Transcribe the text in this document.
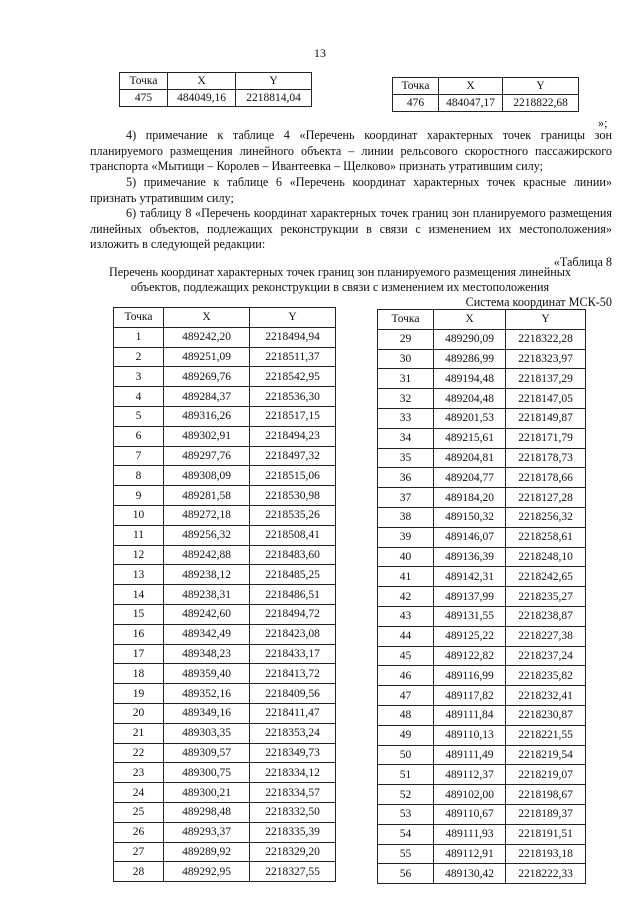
13
Точка	X	Y
475	484049,16	2218814,04
Точка	X	Y
476	484047,17	2218822,68
»;
4) примечание к таблице 4 «Перечень координат характерных точек границы зон планируемого размещения линейного объекта – линии рельсового скоростного пассажирского транспорта «Мытищи – Королев – Ивантеевка – Щелково» признать утратившим силу;
5) примечание к таблице 6 «Перечень координат характерных точек красные линии» признать утратившим силу;
6) таблицу 8 «Перечень координат характерных точек границ зон планируемого размещения линейных объектов, подлежащих реконструкции в связи с изменением их местоположения» изложить в следующей редакции:
«Таблица 8
Перечень координат характерных точек границ зон планируемого размещения линейных
объектов, подлежащих реконструкции в связи с изменением их местоположения
Система координат МСК-50
Точка	X	Y
1	489242,20	2218494,94
2	489251,09	2218511,37
3	489269,76	2218542,95
4	489284,37	2218536,30
5	489316,26	2218517,15
6	489302,91	2218494,23
7	489297,76	2218497,32
8	489308,09	2218515,06
9	489281,58	2218530,98
10	489272,18	2218535,26
11	489256,32	2218508,41
12	489242,88	2218483,60
13	489238,12	2218485,25
14	489238,31	2218486,51
15	489242,60	2218494,72
16	489342,49	2218423,08
17	489348,23	2218433,17
18	489359,40	2218413,72
19	489352,16	2218409,56
20	489349,16	2218411,47
21	489303,35	2218353,24
22	489309,57	2218349,73
23	489300,75	2218334,12
24	489300,21	2218334,57
25	489298,48	2218332,50
26	489293,37	2218335,39
27	489289,92	2218329,20
28	489292,95	2218327,55
Точка	X	Y
29	489290,09	2218322,28
30	489286,99	2218323,97
31	489194,48	2218137,29
32	489204,48	2218147,05
33	489201,53	2218149,87
34	489215,61	2218171,79
35	489204,81	2218178,73
36	489204,77	2218178,66
37	489184,20	2218127,28
38	489150,32	2218256,32
39	489146,07	2218258,61
40	489136,39	2218248,10
41	489142,31	2218242,65
42	489137,99	2218235,27
43	489131,55	2218238,87
44	489125,22	2218227,38
45	489122,82	2218237,24
46	489116,99	2218235,82
47	489117,82	2218232,41
48	489111,84	2218230,87
49	489110,13	2218221,55
50	489111,49	2218219,54
51	489112,37	2218219,07
52	489102,00	2218198,67
53	489110,67	2218189,37
54	489111,93	2218191,51
55	489112,91	2218193,18
56	489130,42	2218222,33
